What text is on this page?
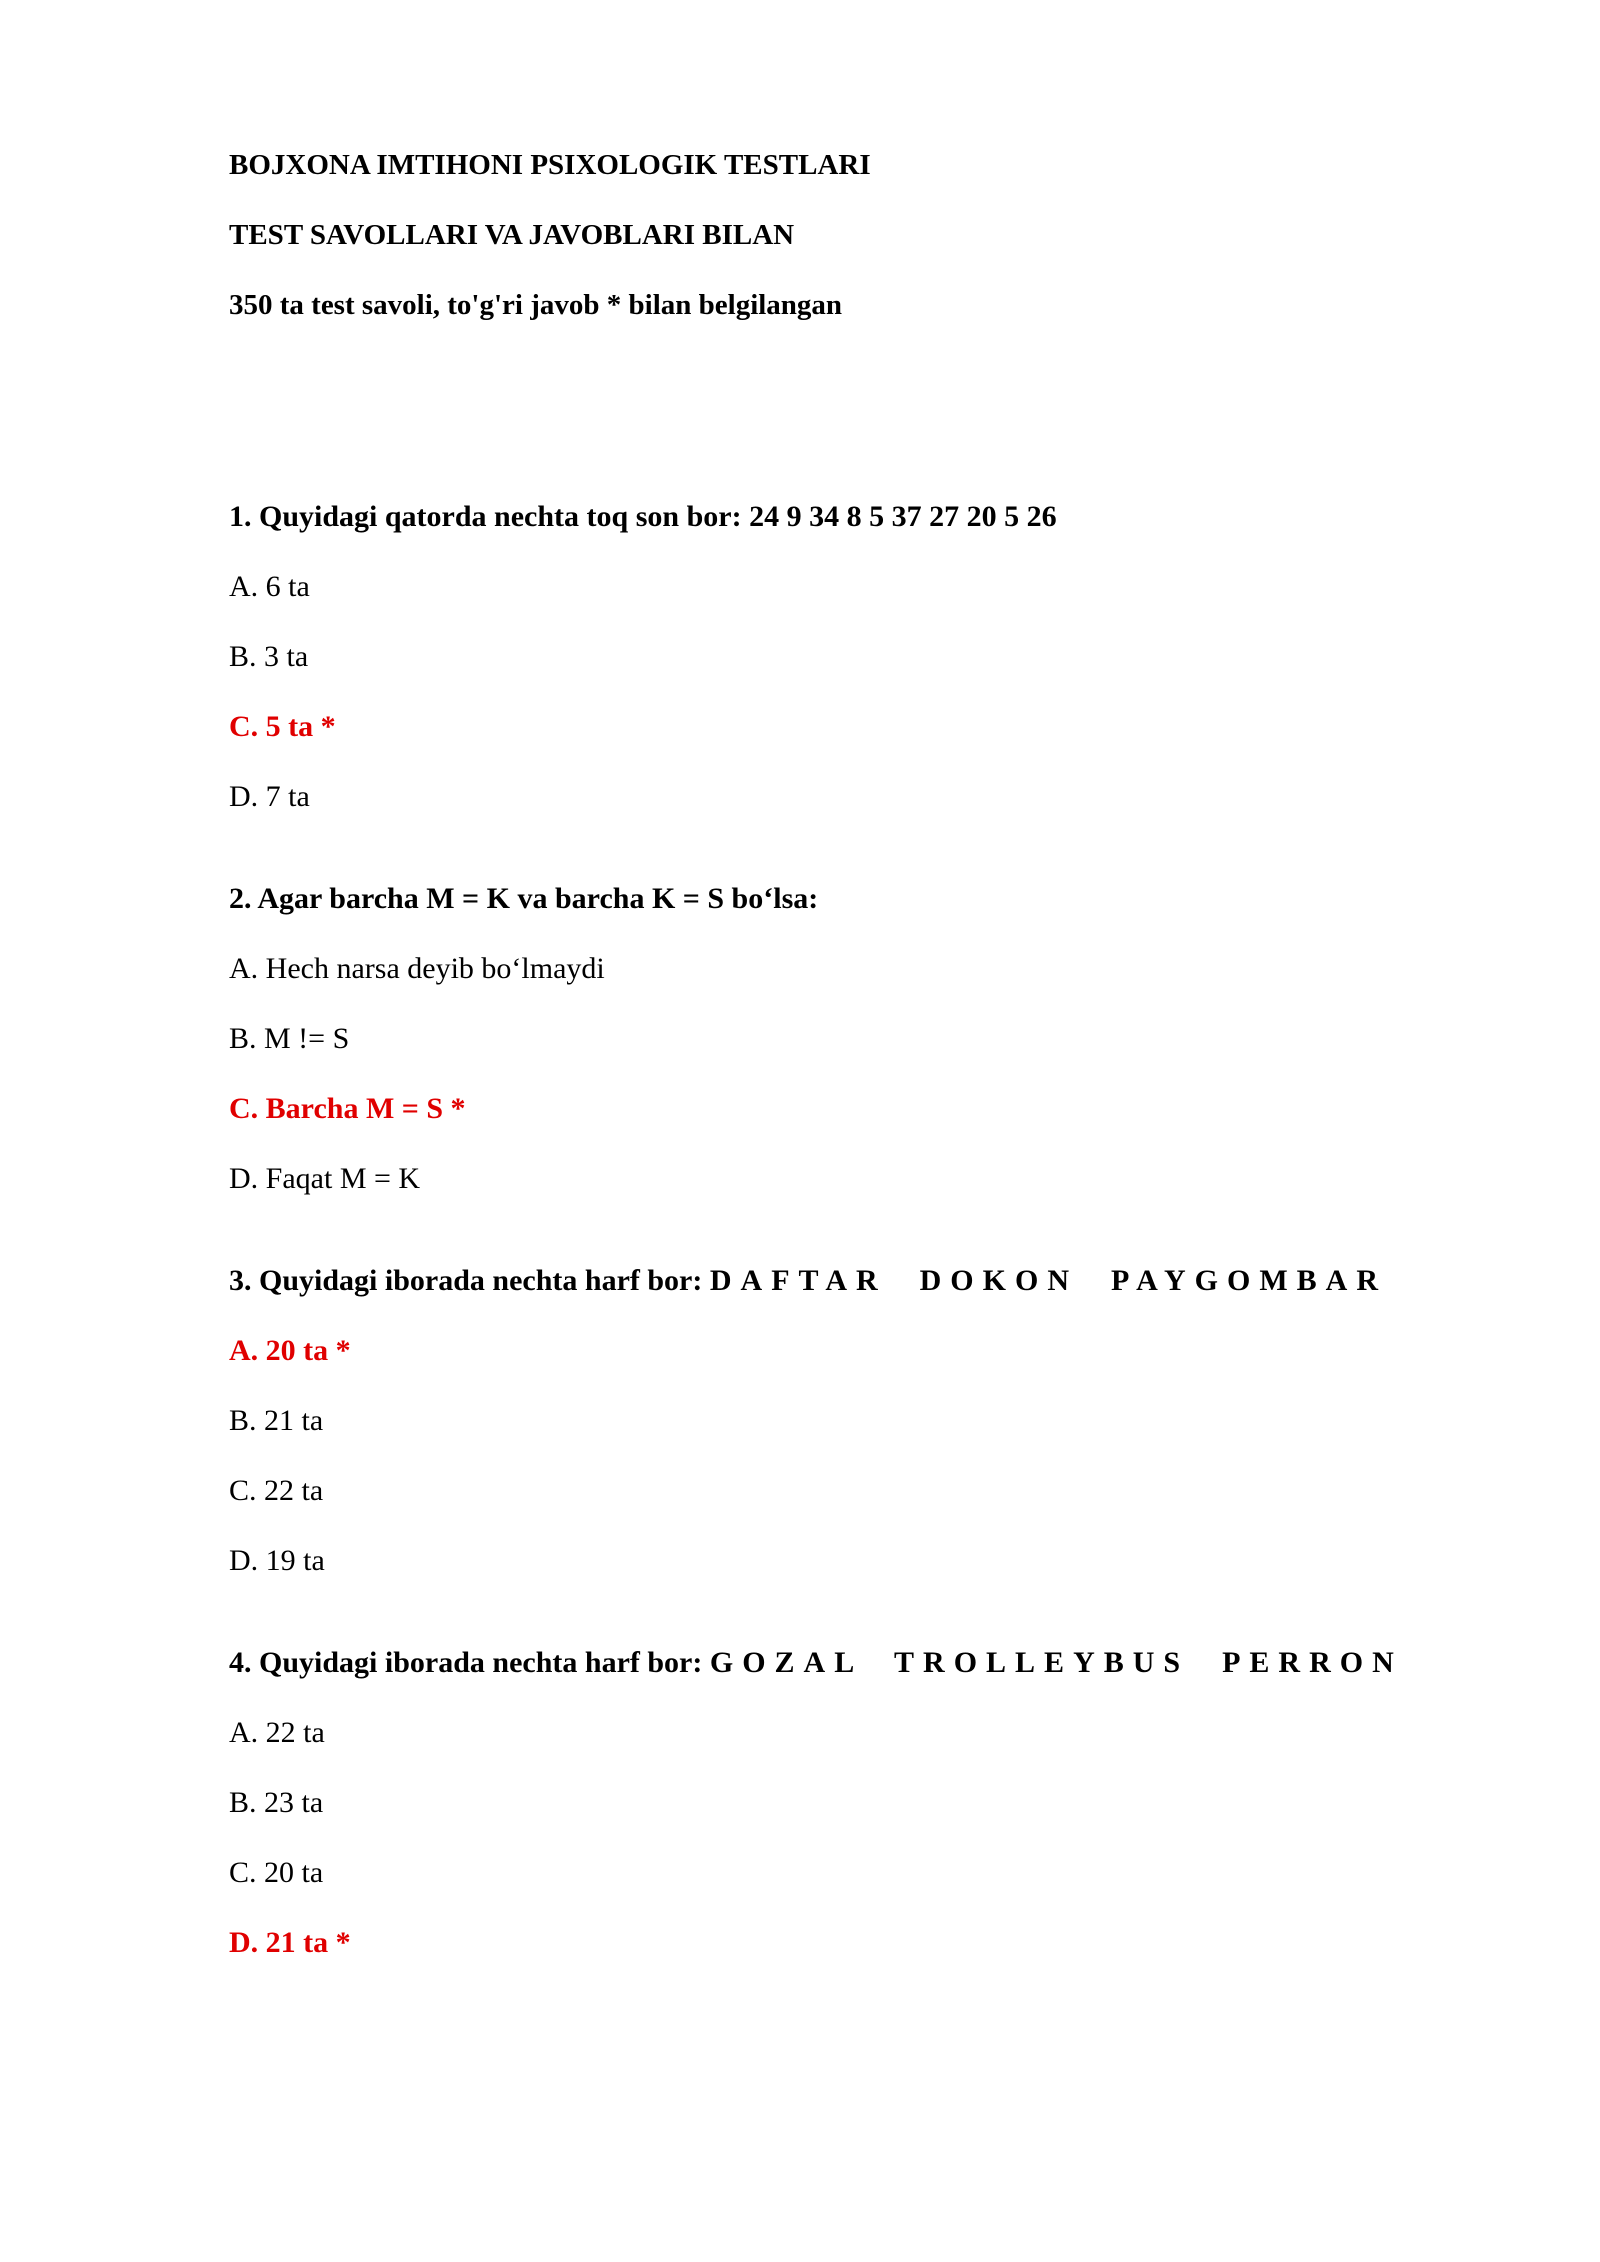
BOJXONA IMTIHONI PSIXOLOGIK TESTLARI
TEST SAVOLLARI VA JAVOBLARI BILAN
350 ta test savoli, to'g'ri javob * bilan belgilangan
1. Quyidagi qatorda nechta toq son bor: 24 9 34 8 5 37 27 20 5 26
A. 6 ta
B. 3 ta
C. 5 ta *
D. 7 ta
2. Agar barcha M = K va barcha K = S bo‘lsa:
A. Hech narsa deyib bo‘lmaydi
B. M != S
C. Barcha M = S *
D. Faqat M = K
3. Quyidagi iborada nechta harf bor: DAFTAR  DOKON  PAYGOMBAR
A. 20 ta *
B. 21 ta
C. 22 ta
D. 19 ta
4. Quyidagi iborada nechta harf bor: GOZAL  TROLLEYBUS  PERRON
A. 22 ta
B. 23 ta
C. 20 ta
D. 21 ta *
